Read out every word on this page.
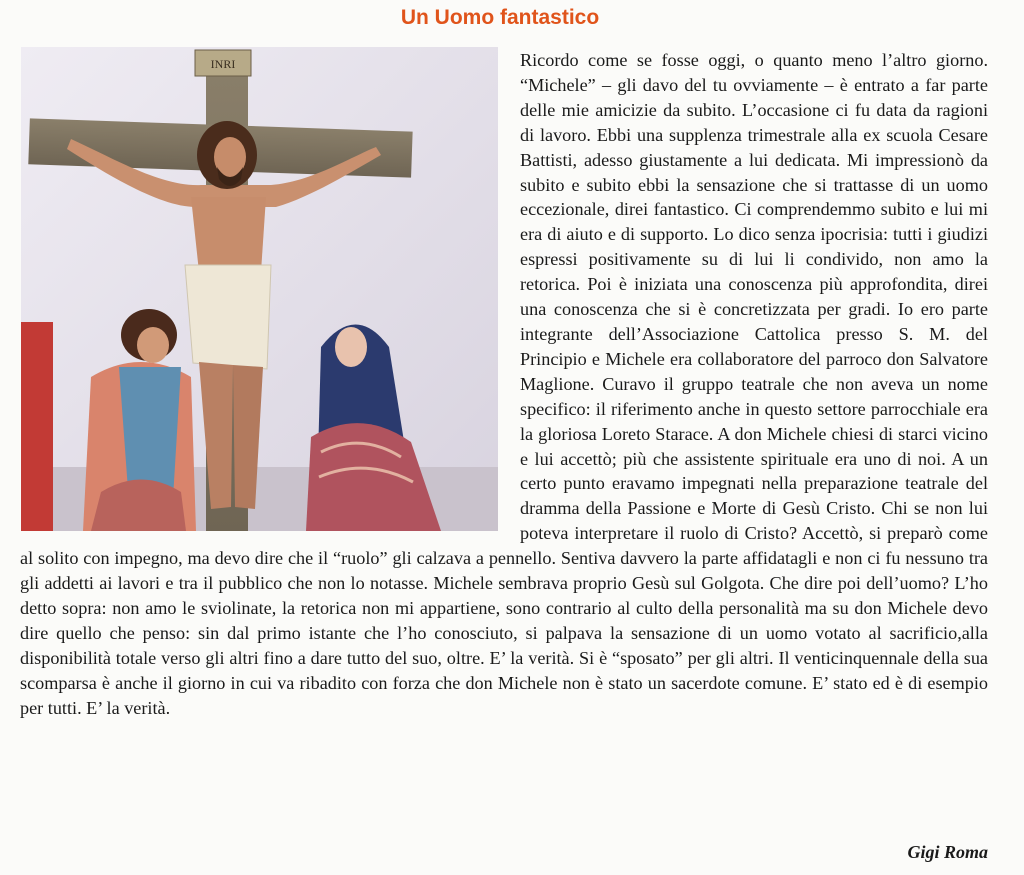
Un Uomo fantastico
INRI	Ricordo come se fosse oggi, o quanto meno l’altro giorno. “Michele” – gli davo del tu ovviamente – è entrato a far parte delle mie amicizie da subito. L’occasione ci fu data da ragioni di lavoro. Ebbi una supplenza trimestrale alla ex scuola Cesare Battisti, adesso giustamente a lui dedicata. Mi impressionò da subito e subito ebbi la sensazione che si trattasse di un uomo eccezionale, direi fantastico. Ci comprendemmo subito e lui mi era di aiuto e di supporto. Lo dico senza ipocrisia: tutti i giudizi espressi positivamente su di lui li condivido, non amo la retorica. Poi è iniziata una conoscenza più approfondita, direi una conoscenza che si è concretizzata per gradi. Io ero parte integrante dell’Associazione Cattolica presso S. M. del Principio e Michele era collaboratore del parroco don Salvatore Maglione. Curavo il gruppo teatrale che non aveva un nome specifico: il riferimento anche in questo settore parrocchiale era la gloriosa Loreto Starace. A don Michele chiesi di starci vicino e lui accettò; più che assistente spirituale era uno di noi. A un certo punto eravamo impegnati nella preparazione teatrale del dramma della Passione e Morte di Gesù Cristo. Chi se non lui poteva interpretare il ruolo di Cristo? Accettò, si preparò come al solito con impegno, ma devo dire che il “ruolo” gli calzava a pennello. Sentiva davvero la parte affidatagli e non ci fu nessuno tra gli addetti ai lavori e tra il pubblico che non lo notasse. Michele sembrava proprio Gesù sul Golgota. Che dire poi dell’uomo? L’ho detto sopra: non amo le sviolinate, la retorica non mi appartiene, sono contrario al culto della personalità ma su don Michele devo dire quello che penso: sin dal primo istante che l’ho conosciuto, si palpava la sensazione di un uomo votato al sacrificio,alla disponibilità totale verso gli altri fino a dare tutto del suo, oltre. E’ la verità. Si è “sposato” per gli altri. Il venticinquennale della sua scomparsa è anche il giorno in cui va ribadito con forza che don Michele non è stato un sacerdote comune. E’ stato ed è di esempio per tutti. E’ la verità.
Gigi Roma
